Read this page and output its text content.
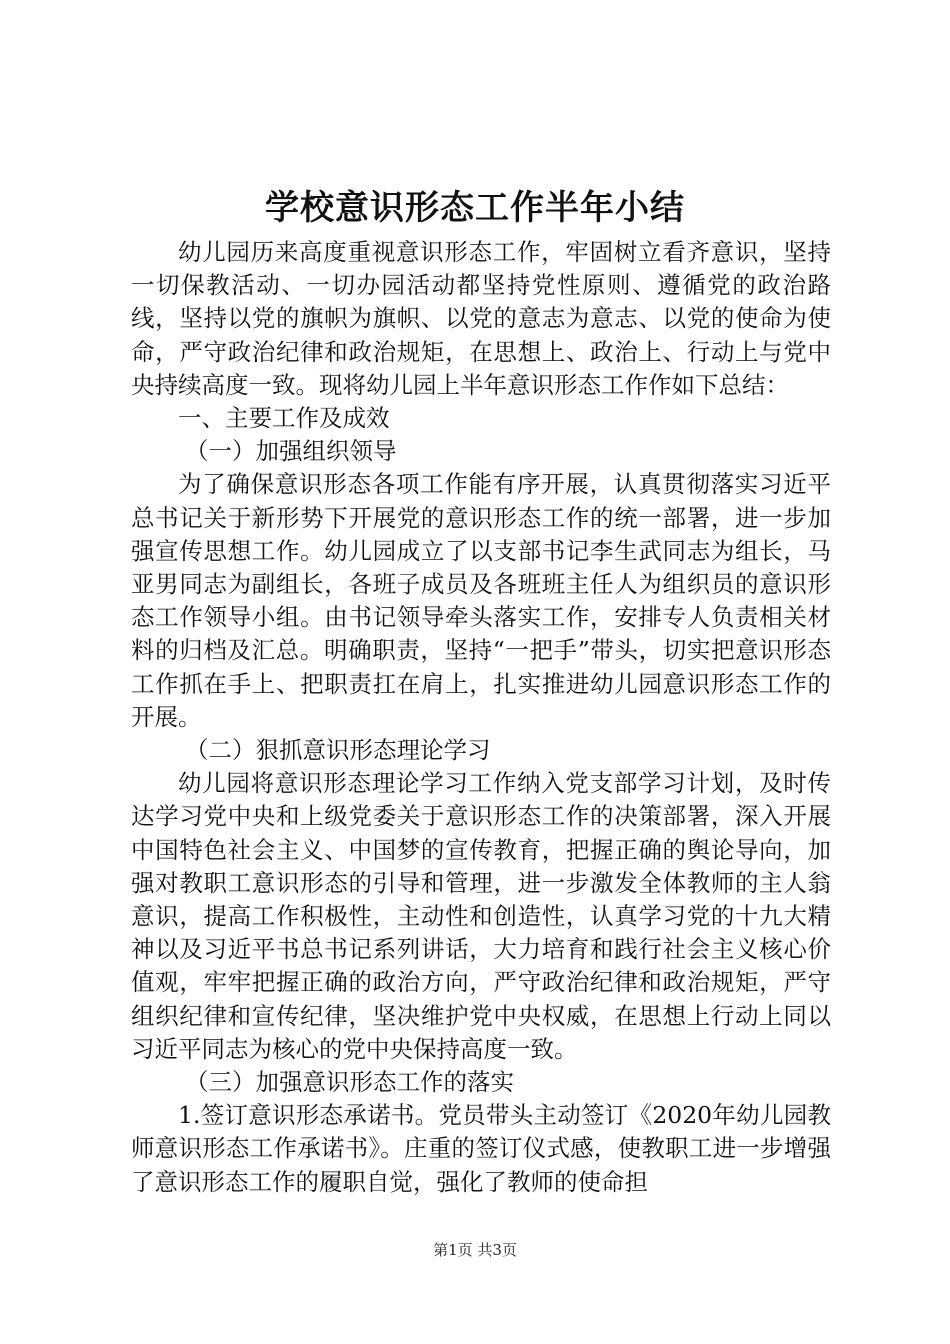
学校意识形态工作半年小结

幼儿园历来高度重视意识形态工作，牢固树立看齐意识，坚持一切保教活动、一切办园活动都坚持党性原则、遵循党的政治路线，坚持以党的旗帜为旗帜、以党的意志为意志、以党的使命为使命，严守政治纪律和政治规矩，在思想上、政治上、行动上与党中央持续高度一致。现将幼儿园上半年意识形态工作作如下总结：

一、主要工作及成效

（一）加强组织领导

为了确保意识形态各项工作能有序开展，认真贯彻落实习近平总书记关于新形势下开展党的意识形态工作的统一部署，进一步加强宣传思想工作。幼儿园成立了以支部书记李生武同志为组长，马亚男同志为副组长，各班子成员及各班班主任人为组织员的意识形态工作领导小组。由书记领导牵头落实工作，安排专人负责相关材料的归档及汇总。明确职责，坚持“一把手”带头，切实把意识形态工作抓在手上、把职责扛在肩上，扎实推进幼儿园意识形态工作的开展。

（二）狠抓意识形态理论学习

幼儿园将意识形态理论学习工作纳入党支部学习计划，及时传达学习党中央和上级党委关于意识形态工作的决策部署，深入开展中国特色社会主义、中国梦的宣传教育，把握正确的舆论导向，加强对教职工意识形态的引导和管理，进一步激发全体教师的主人翁意识，提高工作积极性，主动性和创造性，认真学习党的十九大精神以及习近平书总书记系列讲话，大力培育和践行社会主义核心价值观，牢牢把握正确的政治方向，严守政治纪律和政治规矩，严守组织纪律和宣传纪律，坚决维护党中央权威，在思想上行动上同以习近平同志为核心的党中央保持高度一致。

（三）加强意识形态工作的落实

1.签订意识形态承诺书。党员带头主动签订《2020年幼儿园教师意识形态工作承诺书》。庄重的签订仪式感，使教职工进一步增强了意识形态工作的履职自觉，强化了教师的使命担

第1页 共3页
